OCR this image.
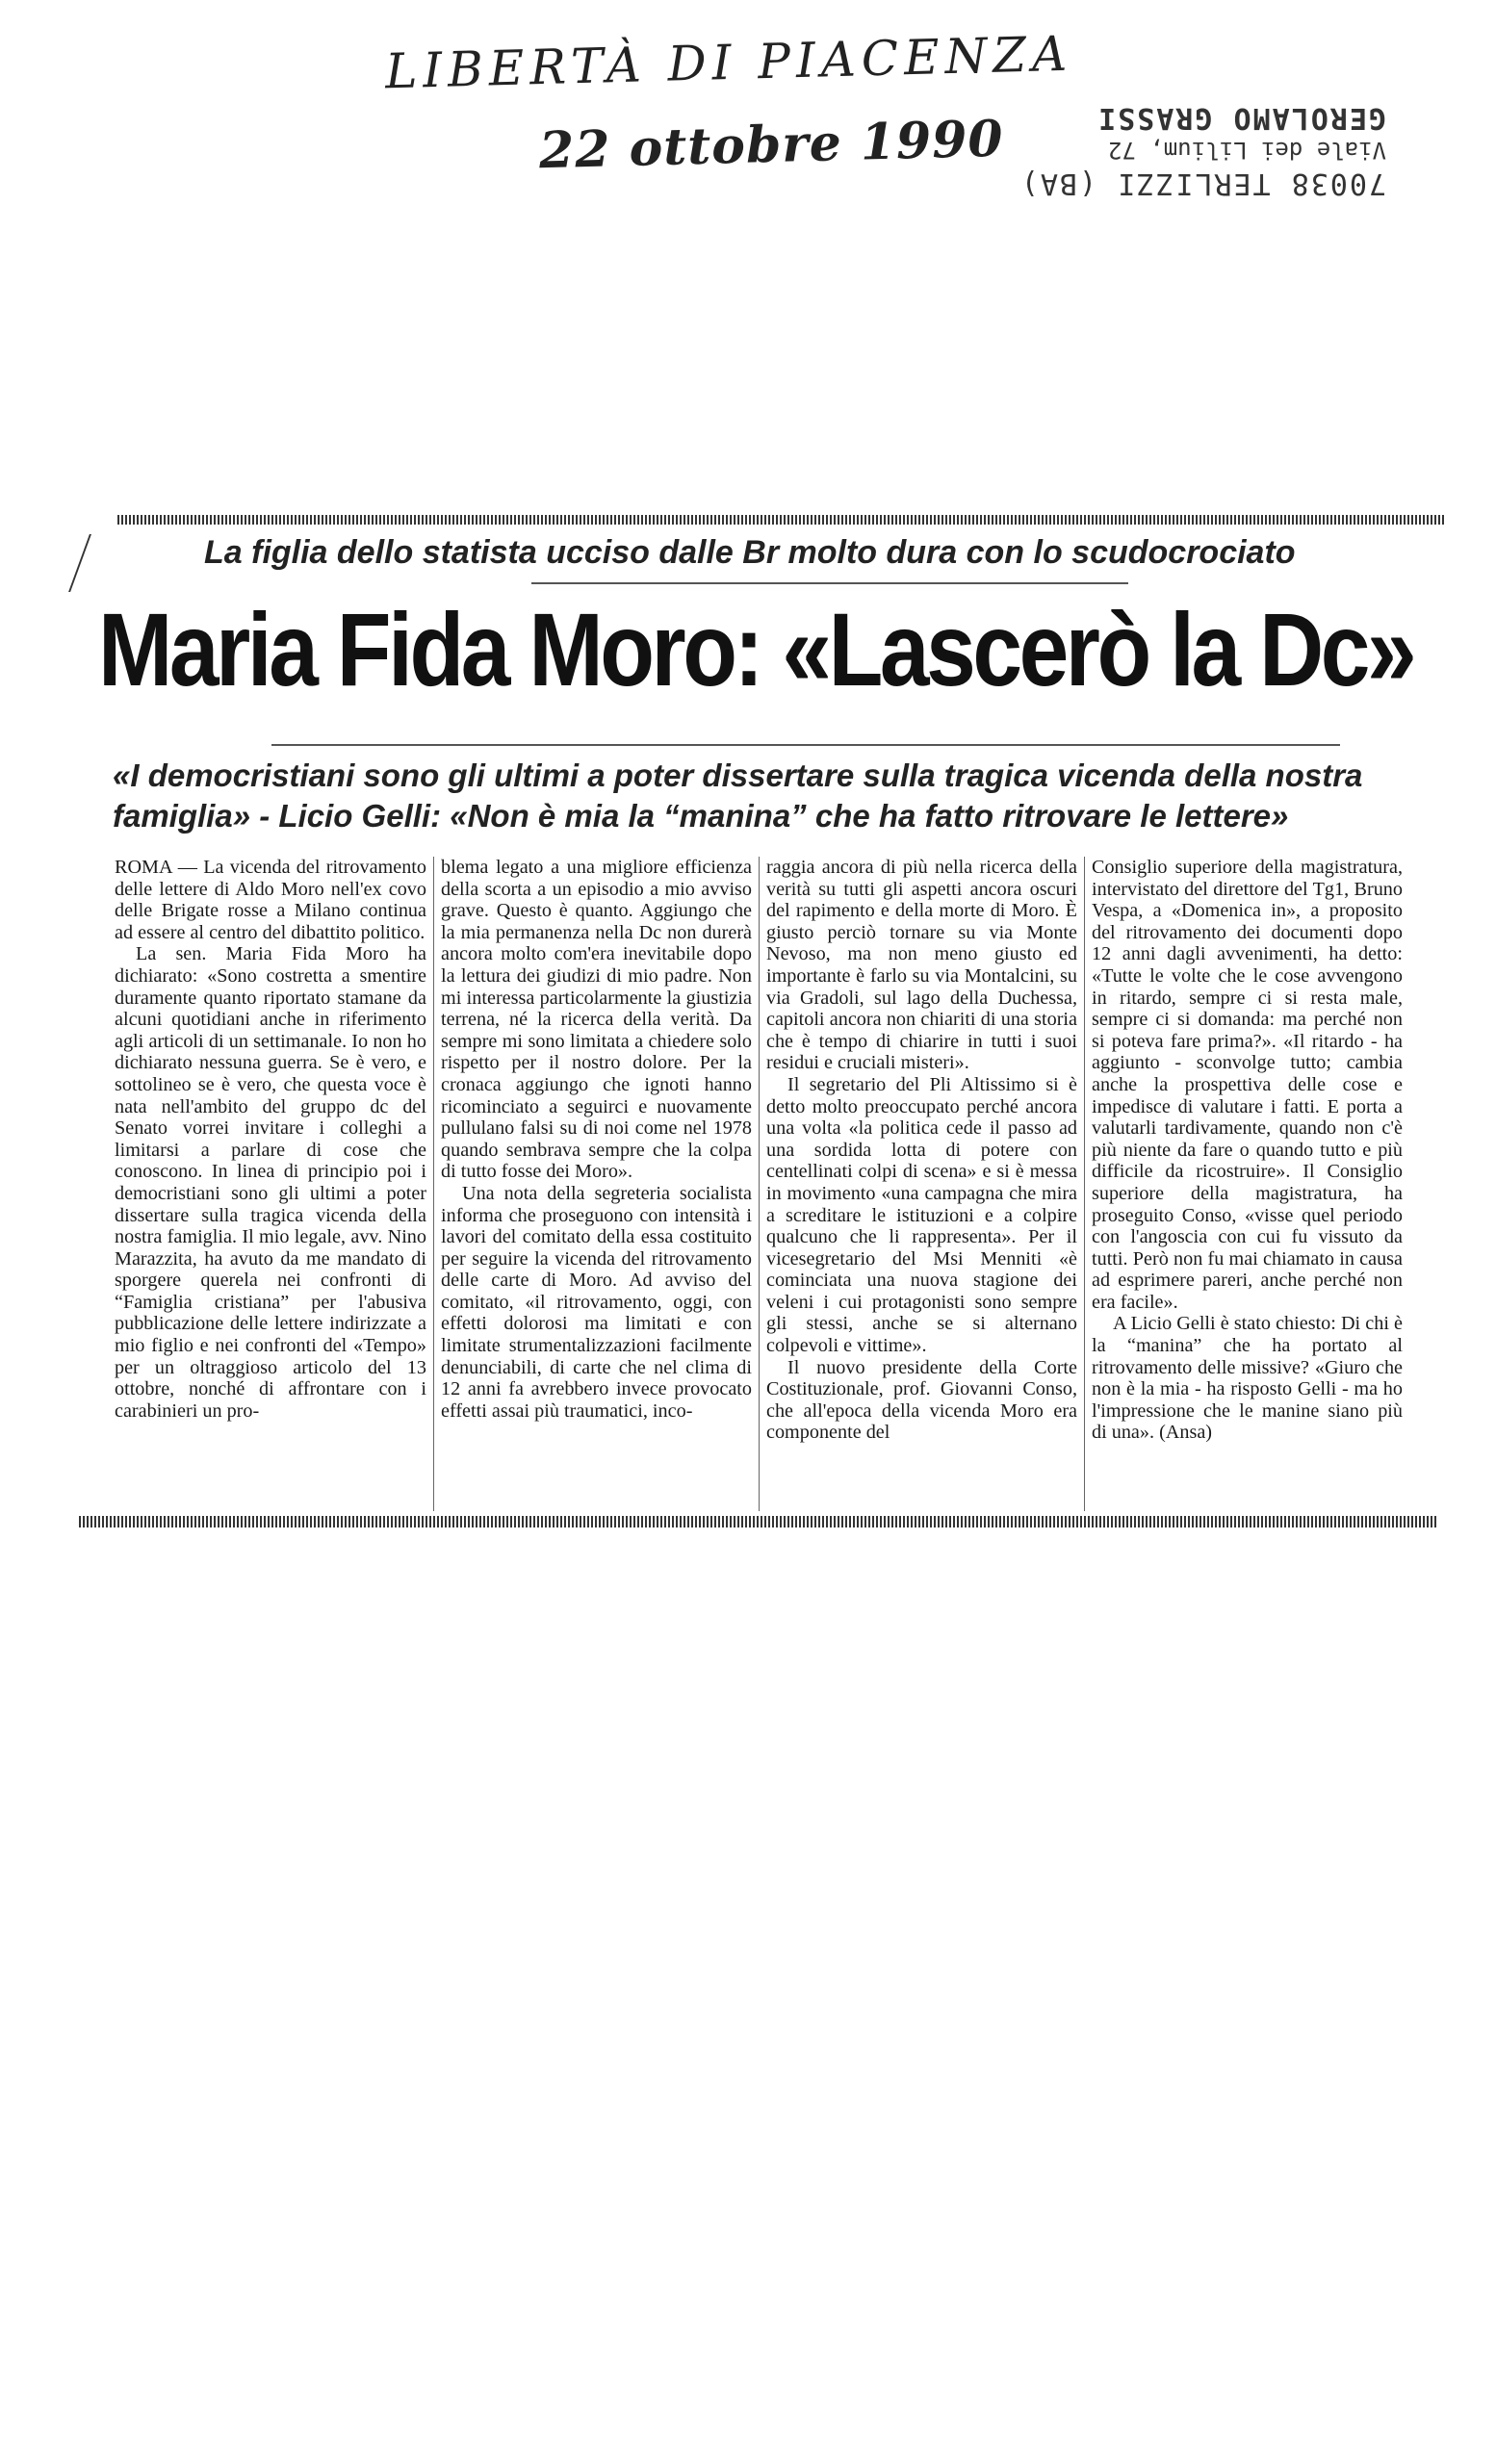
LIBERTÀ DI PIACENZA
22 ottobre 1990
70038 TERLIZZI (BA)
Viale dei Lilium, 72
GEROLAMO GRASSI
La figlia dello statista ucciso dalle Br molto dura con lo scudocrociato
Maria Fida Moro: «Lascerò la Dc»
«I democristiani sono gli ultimi a poter dissertare sulla tragica vicenda della nostra
famiglia» - Licio Gelli: «Non è mia la “manina” che ha fatto ritrovare le lettere»

ROMA — La vicenda del ritrovamento delle lettere di Aldo Moro nell'ex covo delle Brigate rosse a Milano continua ad essere al centro del dibattito politico.

La sen. Maria Fida Moro ha dichiarato: «Sono costretta a smentire duramente quanto riportato stamane da alcuni quotidiani anche in riferimento agli articoli di un settimanale. Io non ho dichiarato nessuna guerra. Se è vero, e sottolineo se è vero, che questa voce è nata nell'ambito del gruppo dc del Senato vorrei invitare i colleghi a limitarsi a parlare di cose che conoscono. In linea di principio poi i democristiani sono gli ultimi a poter dissertare sulla tragica vicenda della nostra famiglia. Il mio legale, avv. Nino Marazzita, ha avuto da me mandato di sporgere querela nei confronti di “Famiglia cristiana” per l'abusiva pubblicazione delle lettere indirizzate a mio figlio e nei confronti del «Tempo» per un oltraggioso articolo del 13 ottobre, nonché di affrontare con i carabinieri un pro-

blema legato a una migliore efficienza della scorta a un episodio a mio avviso grave. Questo è quanto. Aggiungo che la mia permanenza nella Dc non durerà ancora molto com'era inevitabile dopo la lettura dei giudizi di mio padre. Non mi interessa particolarmente la giustizia terrena, né la ricerca della verità. Da sempre mi sono limitata a chiedere solo rispetto per il nostro dolore. Per la cronaca aggiungo che ignoti hanno ricominciato a seguirci e nuovamente pullulano falsi su di noi come nel 1978 quando sembrava sempre che la colpa di tutto fosse dei Moro».

Una nota della segreteria socialista informa che proseguono con intensità i lavori del comitato della essa costituito per seguire la vicenda del ritrovamento delle carte di Moro. Ad avviso del comitato, «il ritrovamento, oggi, con effetti dolorosi ma limitati e con limitate strumentalizzazioni facilmente denunciabili, di carte che nel clima di 12 anni fa avrebbero invece provocato effetti assai più traumatici, inco-

raggia ancora di più nella ricerca della verità su tutti gli aspetti ancora oscuri del rapimento e della morte di Moro. È giusto perciò tornare su via Monte Nevoso, ma non meno giusto ed importante è farlo su via Montalcini, su via Gradoli, sul lago della Duchessa, capitoli ancora non chiariti di una storia che è tempo di chiarire in tutti i suoi residui e cruciali misteri».

Il segretario del Pli Altissimo si è detto molto preoccupato perché ancora una volta «la politica cede il passo ad una sordida lotta di potere con centellinati colpi di scena» e si è messa in movimento «una campagna che mira a screditare le istituzioni e a colpire qualcuno che li rappresenta». Per il vicesegretario del Msi Menniti «è cominciata una nuova stagione dei veleni i cui protagonisti sono sempre gli stessi, anche se si alternano colpevoli e vittime».

Il nuovo presidente della Corte Costituzionale, prof. Giovanni Conso, che all'epoca della vicenda Moro era componente del

Consiglio superiore della magistratura, intervistato del direttore del Tg1, Bruno Vespa, a «Domenica in», a proposito del ritrovamento dei documenti dopo 12 anni dagli avvenimenti, ha detto: «Tutte le volte che le cose avvengono in ritardo, sempre ci si resta male, sempre ci si domanda: ma perché non si poteva fare prima?». «Il ritardo - ha aggiunto - sconvolge tutto; cambia anche la prospettiva delle cose e impedisce di valutare i fatti. E porta a valutarli tardivamente, quando non c'è più niente da fare o quando tutto e più difficile da ricostruire». Il Consiglio superiore della magistratura, ha proseguito Conso, «visse quel periodo con l'angoscia con cui fu vissuto da tutti. Però non fu mai chiamato in causa ad esprimere pareri, anche perché non era facile».

A Licio Gelli è stato chiesto: Di chi è la “manina” che ha portato al ritrovamento delle missive? «Giuro che non è la mia - ha risposto Gelli - ma ho l'impressione che le manine siano più di una». (Ansa)
